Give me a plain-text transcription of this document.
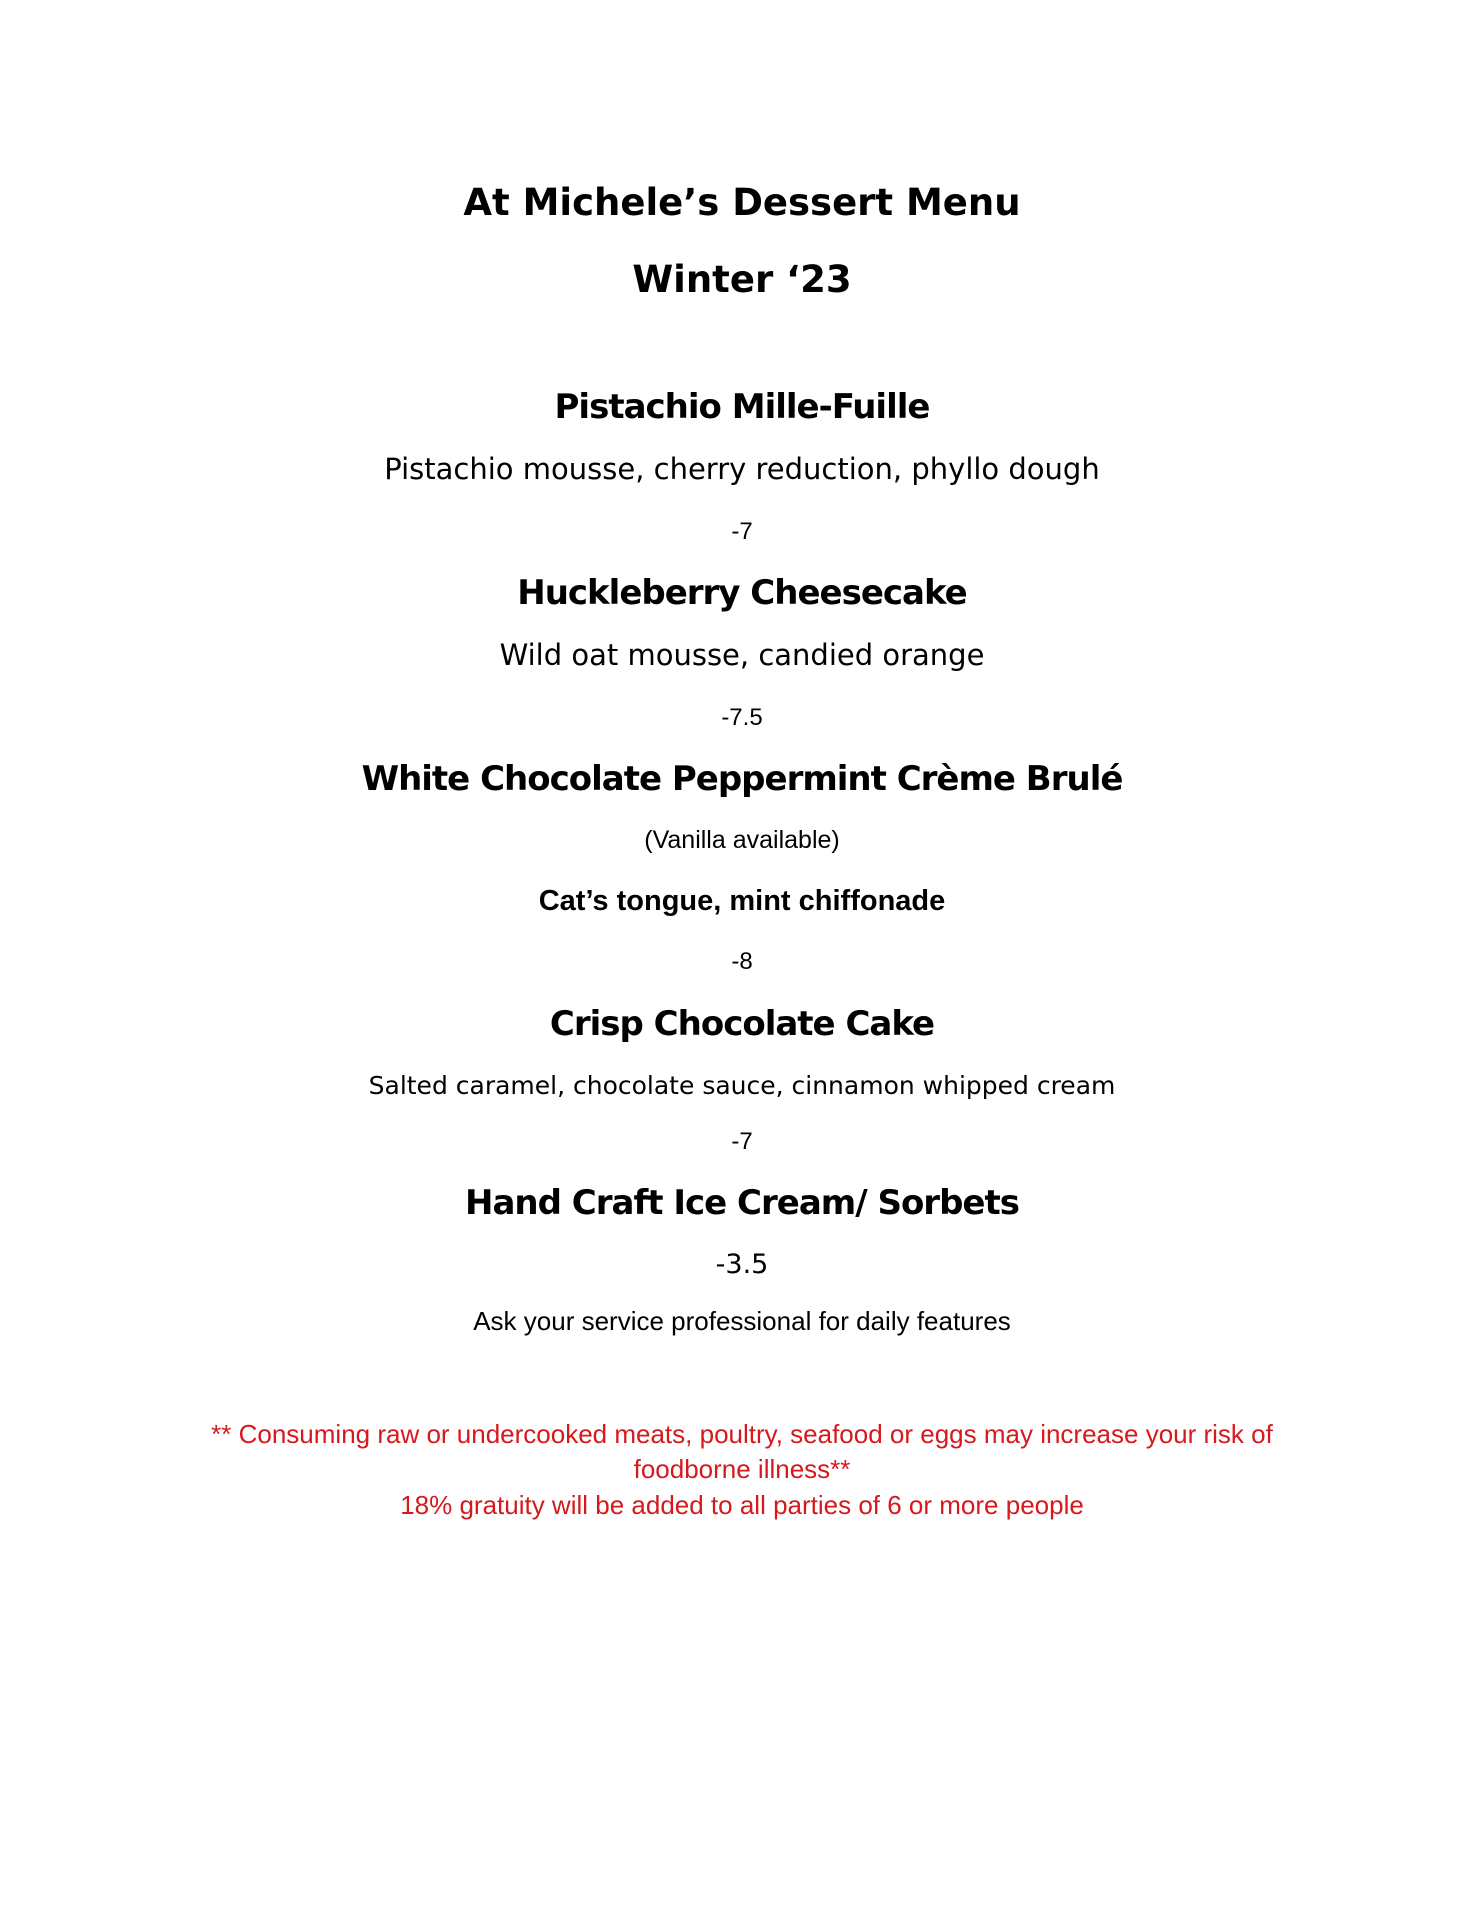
At Michele’s Dessert Menu
Winter ‘23
Pistachio Mille-Fuille
Pistachio mousse, cherry reduction, phyllo dough
-7
Huckleberry Cheesecake
Wild oat mousse, candied orange
-7.5
White Chocolate Peppermint Crème Brulé
(Vanilla available)
Cat’s tongue, mint chiffonade
-8
Crisp Chocolate Cake
Salted caramel, chocolate sauce, cinnamon whipped cream
-7
Hand Craft Ice Cream/ Sorbets
-3.5
Ask your service professional for daily features
** Consuming raw or undercooked meats, poultry, seafood or eggs may increase your risk of
foodborne illness**
18% gratuity will be added to all parties of 6 or more people
